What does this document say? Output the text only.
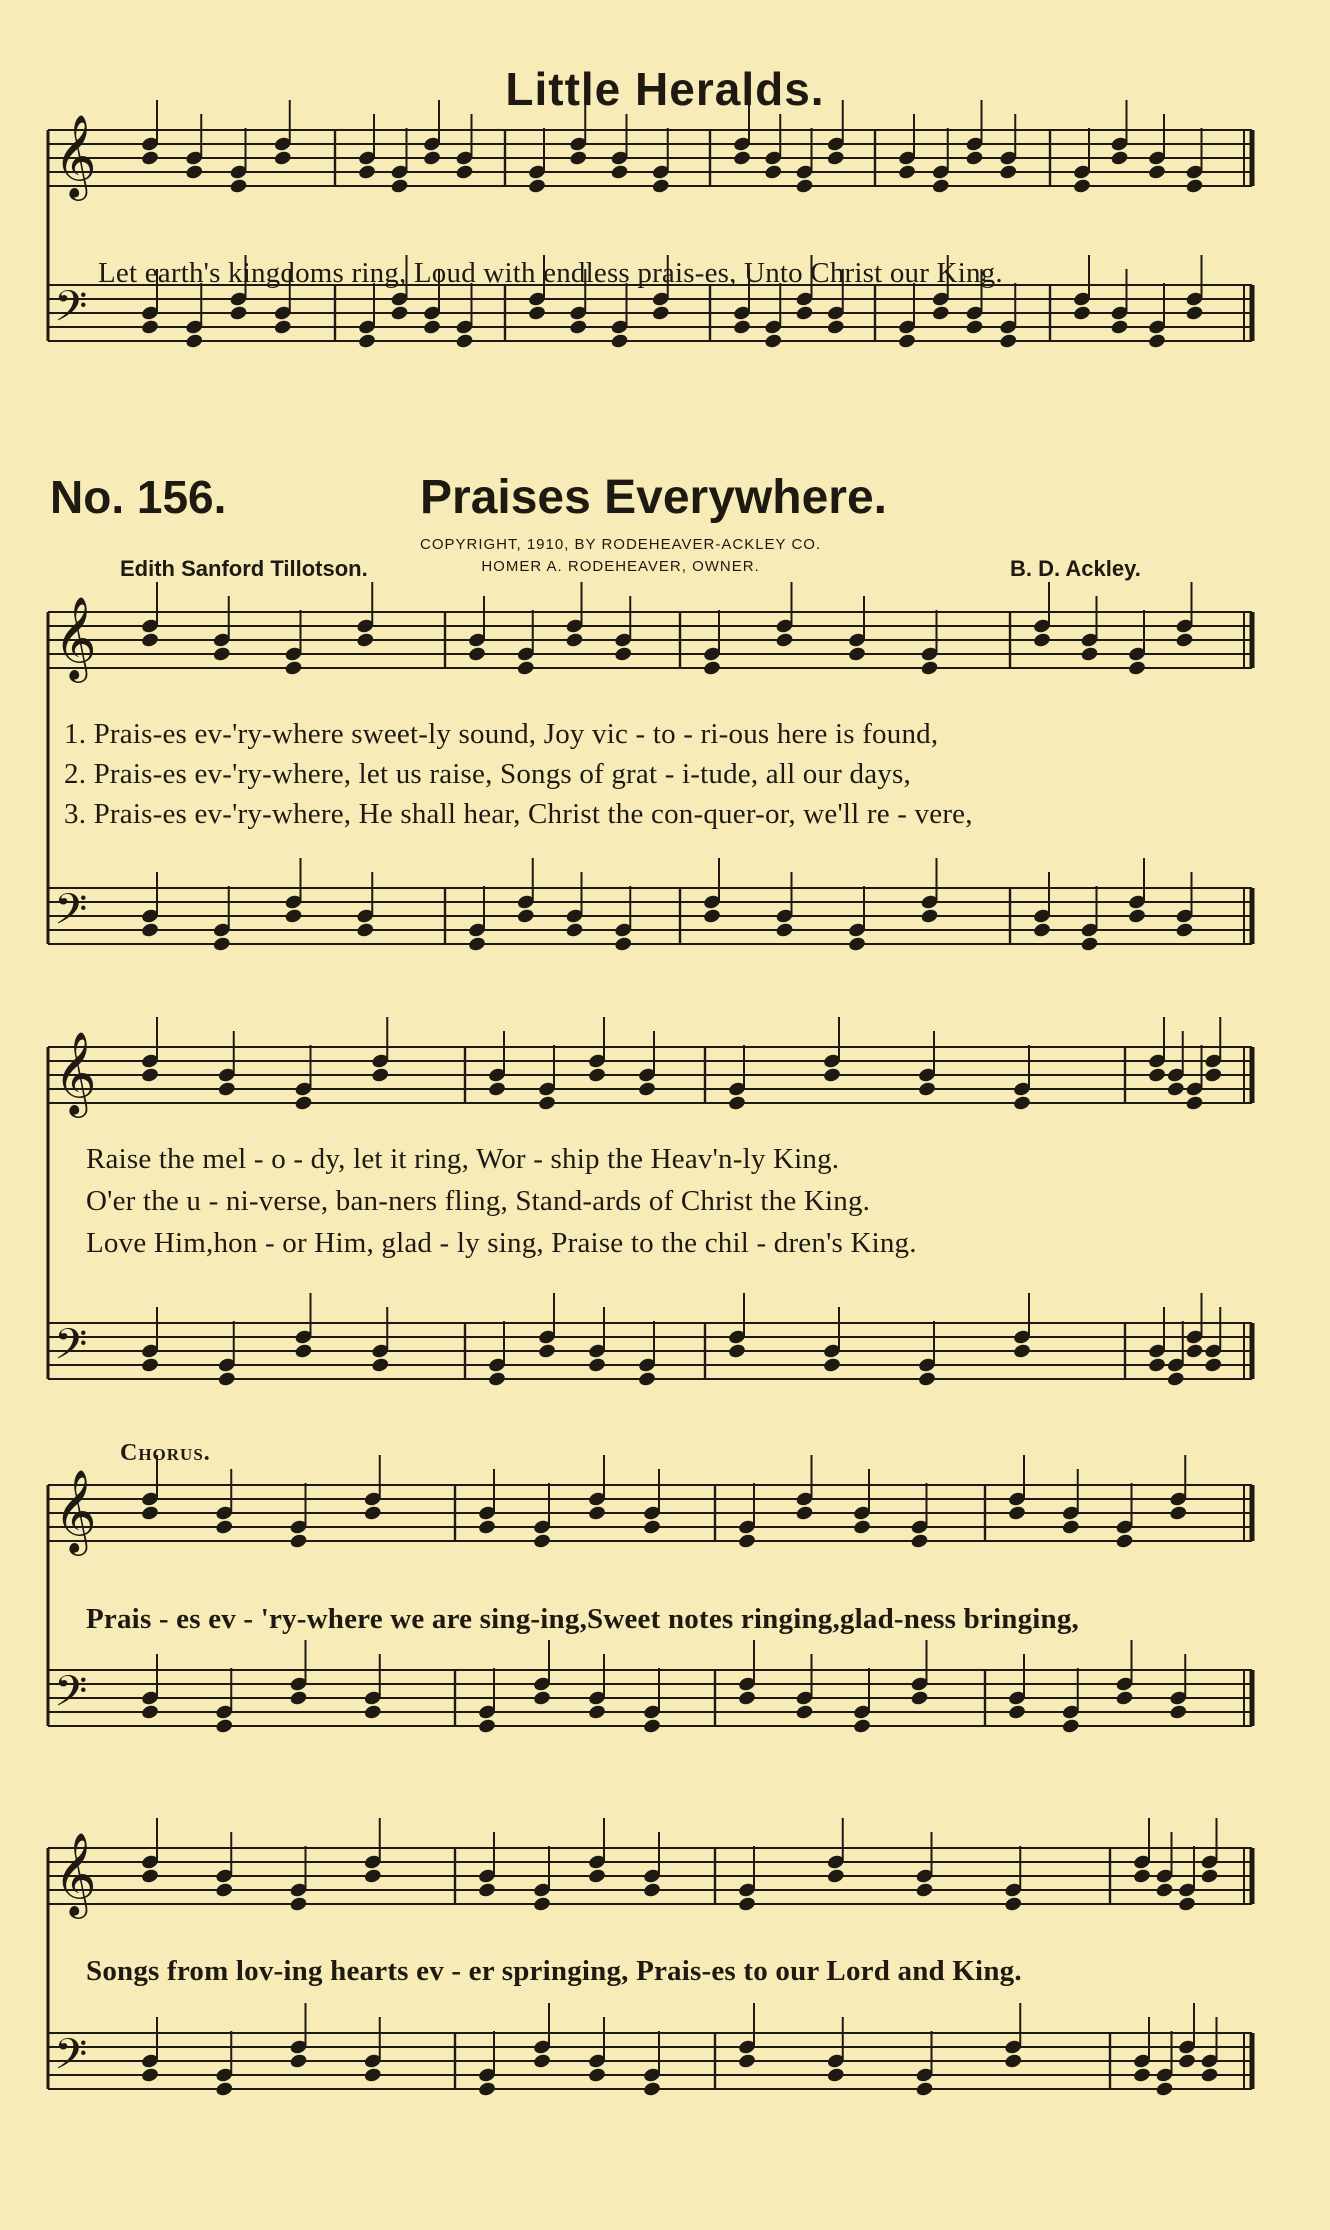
Little Heralds.
𝄞
𝄢
Let earth's kingdoms ring, Loud with endless prais-es, Unto Christ our King.
No. 156.	Praises Everywhere.
COPYRIGHT, 1910, BY RODEHEAVER-ACKLEY CO.
HOMER A. RODEHEAVER, OWNER.
Edith Sanford Tillotson.	B. D. Ackley.
𝄞
𝄢
1. Prais-es ev-'ry-where sweet-ly sound, Joy vic - to - ri-ous here is found,
2. Prais-es ev-'ry-where, let us raise, Songs of grat - i-tude, all our days,
3. Prais-es ev-'ry-where, He shall hear, Christ the con-quer-or, we'll re - vere,
𝄞
𝄢
Raise the mel - o - dy, let it ring, Wor - ship the Heav'n-ly King.
O'er the u - ni-verse, ban-ners fling, Stand-ards of Christ the King.
Love Him,hon - or Him, glad - ly sing, Praise to the chil - dren's King.
Chorus.
𝄞
𝄢
Prais - es ev - 'ry-where we are sing-ing,Sweet notes ringing,glad-ness bringing,
𝄞
𝄢
Songs from lov-ing hearts ev - er springing, Prais-es to our Lord and King.
